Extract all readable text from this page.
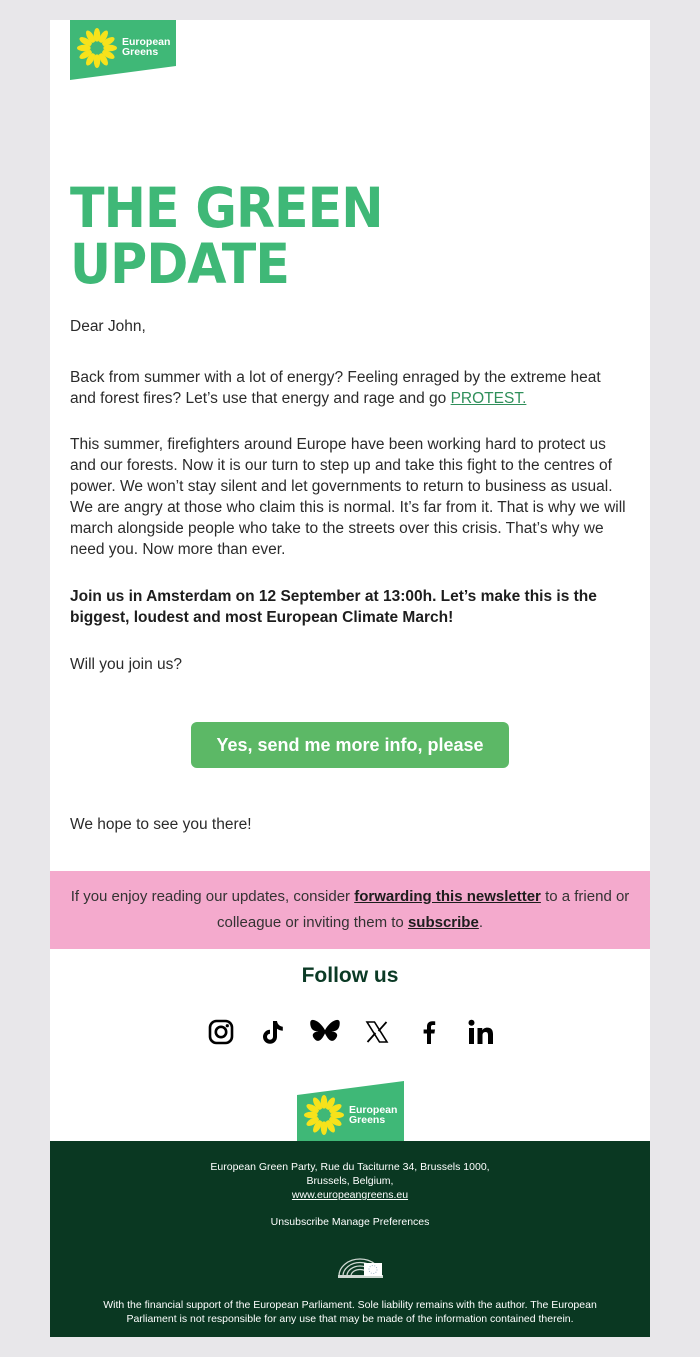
European
Greens
THE GREEN
UPDATE
Dear John,
Back from summer with a lot of energy? Feeling enraged by the extreme heat and forest fires? Let’s use that energy and rage and go PROTEST.
This summer, firefighters around Europe have been working hard to protect us and our forests. Now it is our turn to step up and take this fight to the centres of power. We won’t stay silent and let governments to return to business as usual. We are angry at those who claim this is normal. It’s far from it. That is why we will march alongside people who take to the streets over this crisis. That’s why we need you. Now more than ever.
Join us in Amsterdam on 12 September at 13:00h. Let’s make this is the biggest, loudest and most European Climate March!
Will you join us?
Yes, send me more info, please
We hope to see you there!
If you enjoy reading our updates, consider forwarding this newsletter to a friend or colleague or inviting them to subscribe.
Follow us
European
Greens
European Green Party, Rue du Taciturne 34, Brussels 1000,
Brussels, Belgium,
www.europeangreens.eu
Unsubscribe Manage Preferences
With the financial support of the European Parliament. Sole liability remains with the author. The European Parliament is not responsible for any use that may be made of the information contained therein.
